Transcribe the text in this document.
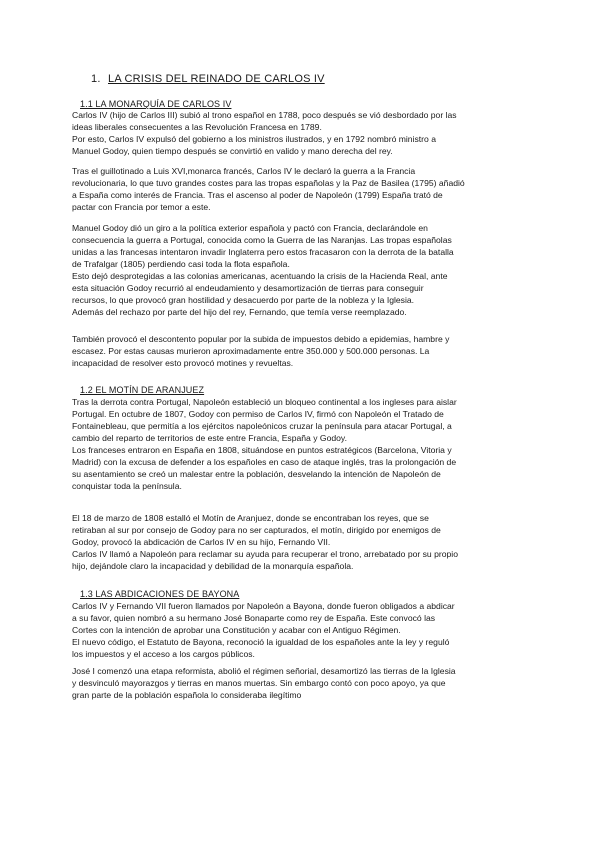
1. LA CRISIS DEL REINADO DE CARLOS IV
1.1 LA MONARQUÍA DE CARLOS IV
Carlos IV (hijo de Carlos III) subió al trono español en 1788, poco después se vió desbordado por las
ideas liberales consecuentes a las Revolución Francesa en 1789.
Por esto, Carlos IV expulsó del gobierno a los ministros ilustrados, y en 1792 nombró ministro a
Manuel Godoy, quien tiempo después se convirtió en valido y mano derecha del rey.
Tras el guillotinado a Luis XVI,monarca francés, Carlos IV le declaró la guerra a la Francia
revolucionaria, lo que tuvo grandes costes para las tropas españolas y la Paz de Basilea (1795) añadió
a España como interés de Francia. Tras el ascenso al poder de Napoleón (1799) España trató de
pactar con Francia por temor a este.
Manuel Godoy dió un giro a la política exterior española y pactó con Francia, declarándole en
consecuencia la guerra a Portugal, conocida como la Guerra de las Naranjas. Las tropas españolas
unidas a las francesas intentaron invadir Inglaterra pero estos fracasaron con la derrota de la batalla
de Trafalgar (1805) perdiendo casi toda la flota española.
Esto dejó desprotegidas a las colonias americanas, acentuando la crisis de la Hacienda Real, ante
esta situación Godoy recurrió al endeudamiento y desamortización de tierras para conseguir
recursos, lo que provocó gran hostilidad y desacuerdo por parte de la nobleza y la Iglesia.
Además del rechazo por parte del hijo del rey, Fernando, que temía verse reemplazado.
También provocó el descontento popular por la subida de impuestos debido a epidemias, hambre y
escasez. Por estas causas murieron aproximadamente entre 350.000 y 500.000 personas. La
incapacidad de resolver esto provocó motines y revueltas.
1.2 EL MOTÍN DE ARANJUEZ
Tras la derrota contra Portugal, Napoleón estableció un bloqueo continental a los ingleses para aislar
Portugal. En octubre de 1807, Godoy con permiso de Carlos IV, firmó con Napoleón el Tratado de
Fontainebleau, que permitía a los ejércitos napoleónicos cruzar la península para atacar Portugal, a
cambio del reparto de territorios de este entre Francia, España y Godoy.
Los franceses entraron en España en 1808, situándose en puntos estratégicos (Barcelona, Vitoria y
Madrid) con la excusa de defender a los españoles en caso de ataque inglés, tras la prolongación de
su asentamiento se creó un malestar entre la población, desvelando la intención de Napoleón de
conquistar toda la península.
El 18 de marzo de 1808 estalló el Motín de Aranjuez, donde se encontraban los reyes, que se
retiraban al sur por consejo de Godoy para no ser capturados, el motín, dirigido por enemigos de
Godoy, provocó la abdicación de Carlos IV en su hijo, Fernando VII.
Carlos IV llamó a Napoleón para reclamar su ayuda para recuperar el trono, arrebatado por su propio
hijo, dejándole claro la incapacidad y debilidad de la monarquía española.
1.3 LAS ABDICACIONES DE BAYONA
Carlos IV y Fernando VII fueron llamados por Napoleón a Bayona, donde fueron obligados a abdicar
a su favor, quien nombró a su hermano José Bonaparte como rey de España. Este convocó las
Cortes con la intención de aprobar una Constitución y acabar con el Antiguo Régimen.
El nuevo código, el Estatuto de Bayona, reconoció la igualdad de los españoles ante la ley y reguló
los impuestos y el acceso a los cargos públicos.
José I comenzó una etapa reformista, abolió el régimen señorial, desamortizó las tierras de la Iglesia
y desvinculó mayorazgos y tierras en manos muertas. Sin embargo contó con poco apoyo, ya que
gran parte de la población española lo consideraba ilegítimo
